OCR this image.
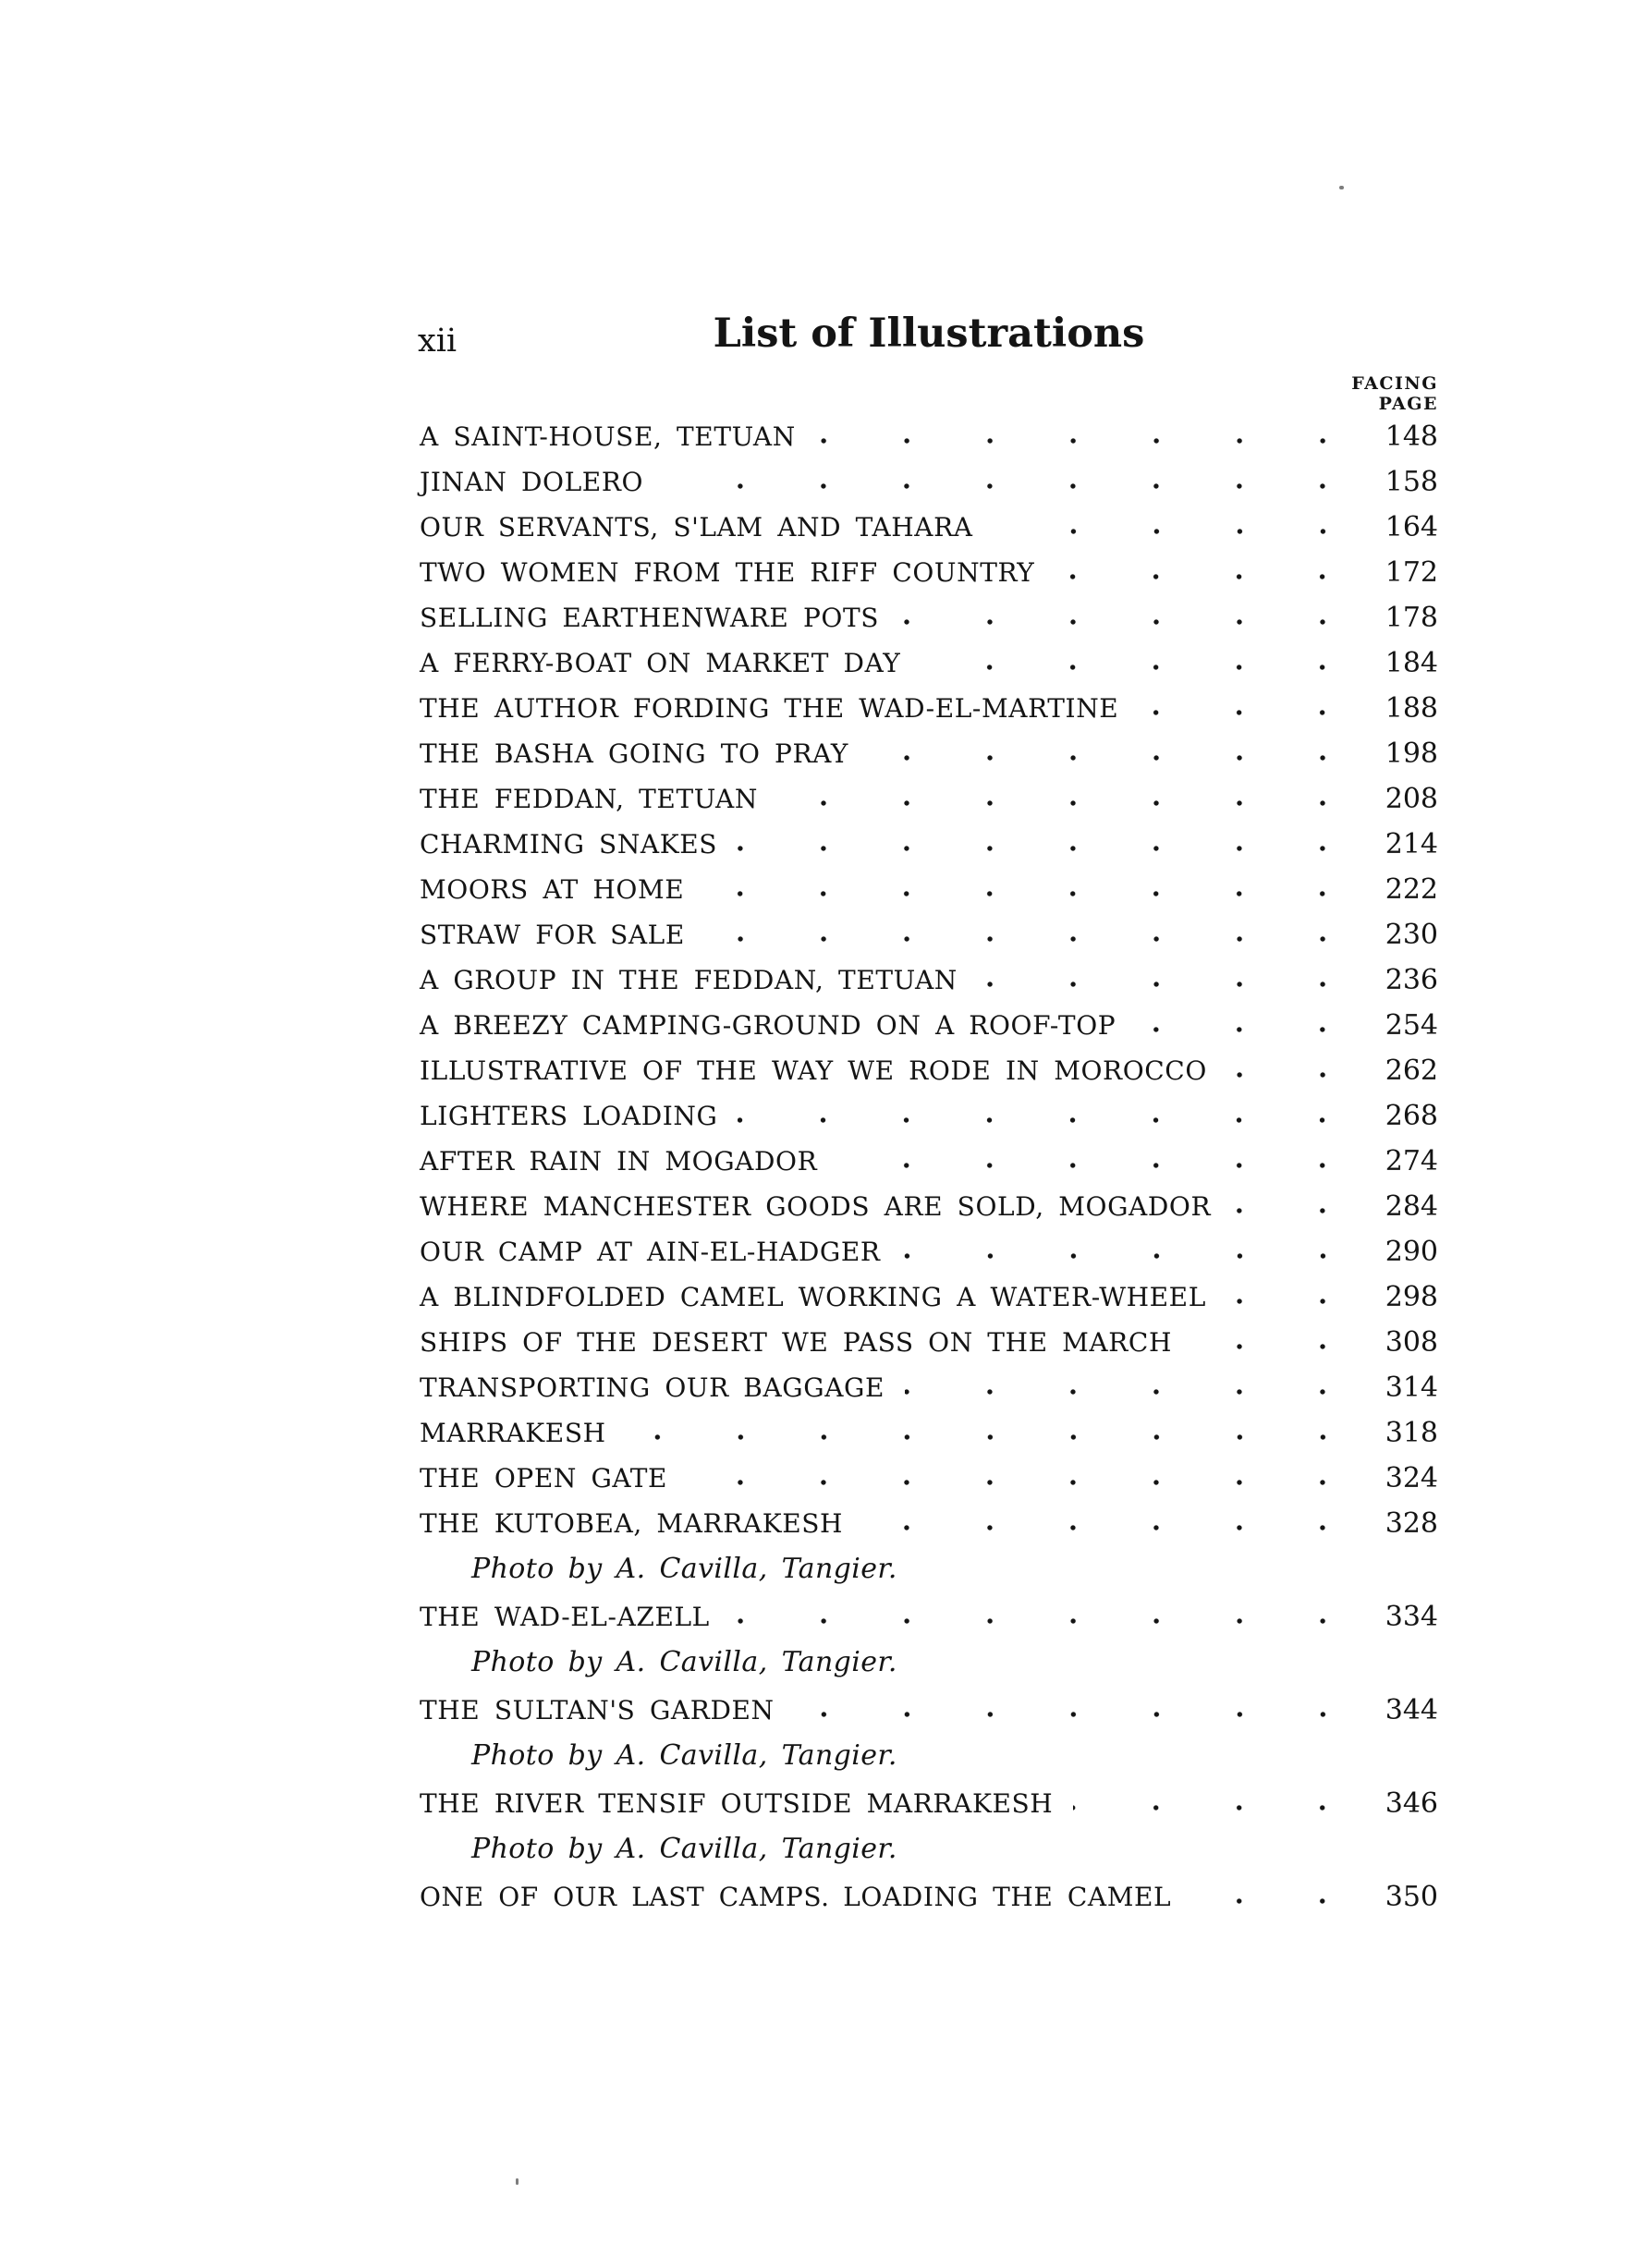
xii	List of Illustrations
FACING
PAGE
A SAINT-HOUSE, TETUAN	148
JINAN DOLERO	158
OUR SERVANTS, S'LAM AND TAHARA	164
TWO WOMEN FROM THE RIFF COUNTRY	172
SELLING EARTHENWARE POTS	178
A FERRY-BOAT ON MARKET DAY	184
THE AUTHOR FORDING THE WAD-EL-MARTINE	188
THE BASHA GOING TO PRAY	198
THE FEDDAN, TETUAN	208
CHARMING SNAKES	214
MOORS AT HOME	222
STRAW FOR SALE	230
A GROUP IN THE FEDDAN, TETUAN	236
A BREEZY CAMPING-GROUND ON A ROOF-TOP	254
ILLUSTRATIVE OF THE WAY WE RODE IN MOROCCO	262
LIGHTERS LOADING	268
AFTER RAIN IN MOGADOR	274
WHERE MANCHESTER GOODS ARE SOLD, MOGADOR	284
OUR CAMP AT AIN-EL-HADGER	290
A BLINDFOLDED CAMEL WORKING A WATER-WHEEL	298
SHIPS OF THE DESERT WE PASS ON THE MARCH	308
TRANSPORTING OUR BAGGAGE	314
MARRAKESH	318
THE OPEN GATE	324
THE KUTOBEA, MARRAKESH	328
Photo by A. Cavilla, Tangier.
THE WAD-EL-AZELL	334
Photo by A. Cavilla, Tangier.
THE SULTAN'S GARDEN	344
Photo by A. Cavilla, Tangier.
THE RIVER TENSIF OUTSIDE MARRAKESH	346
Photo by A. Cavilla, Tangier.
ONE OF OUR LAST CAMPS. LOADING THE CAMEL	350
